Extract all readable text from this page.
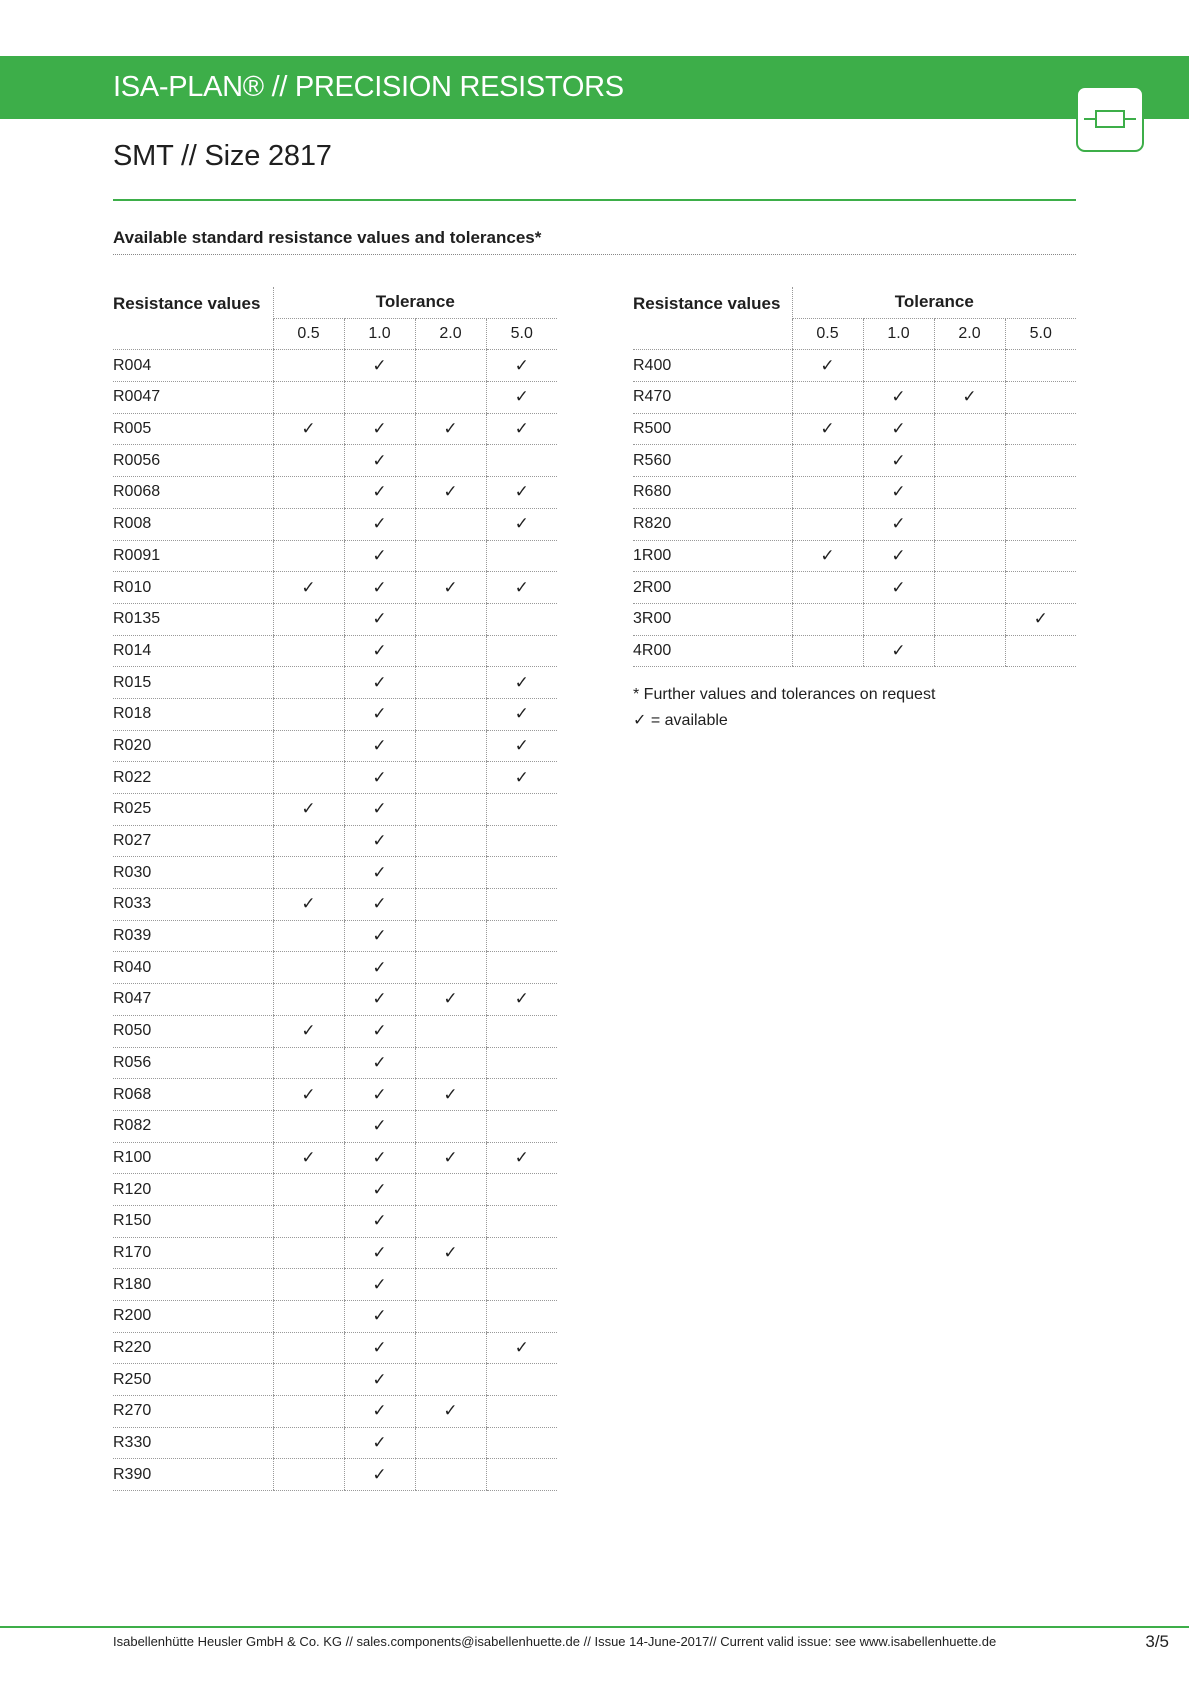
ISA-PLAN® // PRECISION RESISTORS
SMT // Size 2817
Available standard resistance values and tolerances*
Resistance values	Tolerance			
	0.5	1.0	2.0	5.0
R004		✓		✓
R0047				✓
R005	✓	✓	✓	✓
R0056		✓		
R0068		✓	✓	✓
R008		✓		✓
R0091		✓		
R010	✓	✓	✓	✓
R0135		✓		
R014		✓		
R015		✓		✓
R018		✓		✓
R020		✓		✓
R022		✓		✓
R025	✓	✓		
R027		✓		
R030		✓		
R033	✓	✓		
R039		✓		
R040		✓		
R047		✓	✓	✓
R050	✓	✓		
R056		✓		
R068	✓	✓	✓	
R082		✓		
R100	✓	✓	✓	✓
R120		✓		
R150		✓		
R170		✓	✓	
R180		✓		
R200		✓		
R220		✓		✓
R250		✓		
R270		✓	✓	
R330		✓		
R390		✓		
Resistance values	Tolerance			
	0.5	1.0	2.0	5.0
R400	✓			
R470		✓	✓	
R500	✓	✓		
R560		✓		
R680		✓		
R820		✓		
1R00	✓	✓		
2R00		✓		
3R00				✓
4R00		✓		
* Further values and tolerances on request
✓ = available
Isabellenhütte Heusler GmbH & Co. KG // sales.components@isabellenhuette.de // Issue 14-June-2017// Current valid issue: see www.isabellenhuette.de	3/5
